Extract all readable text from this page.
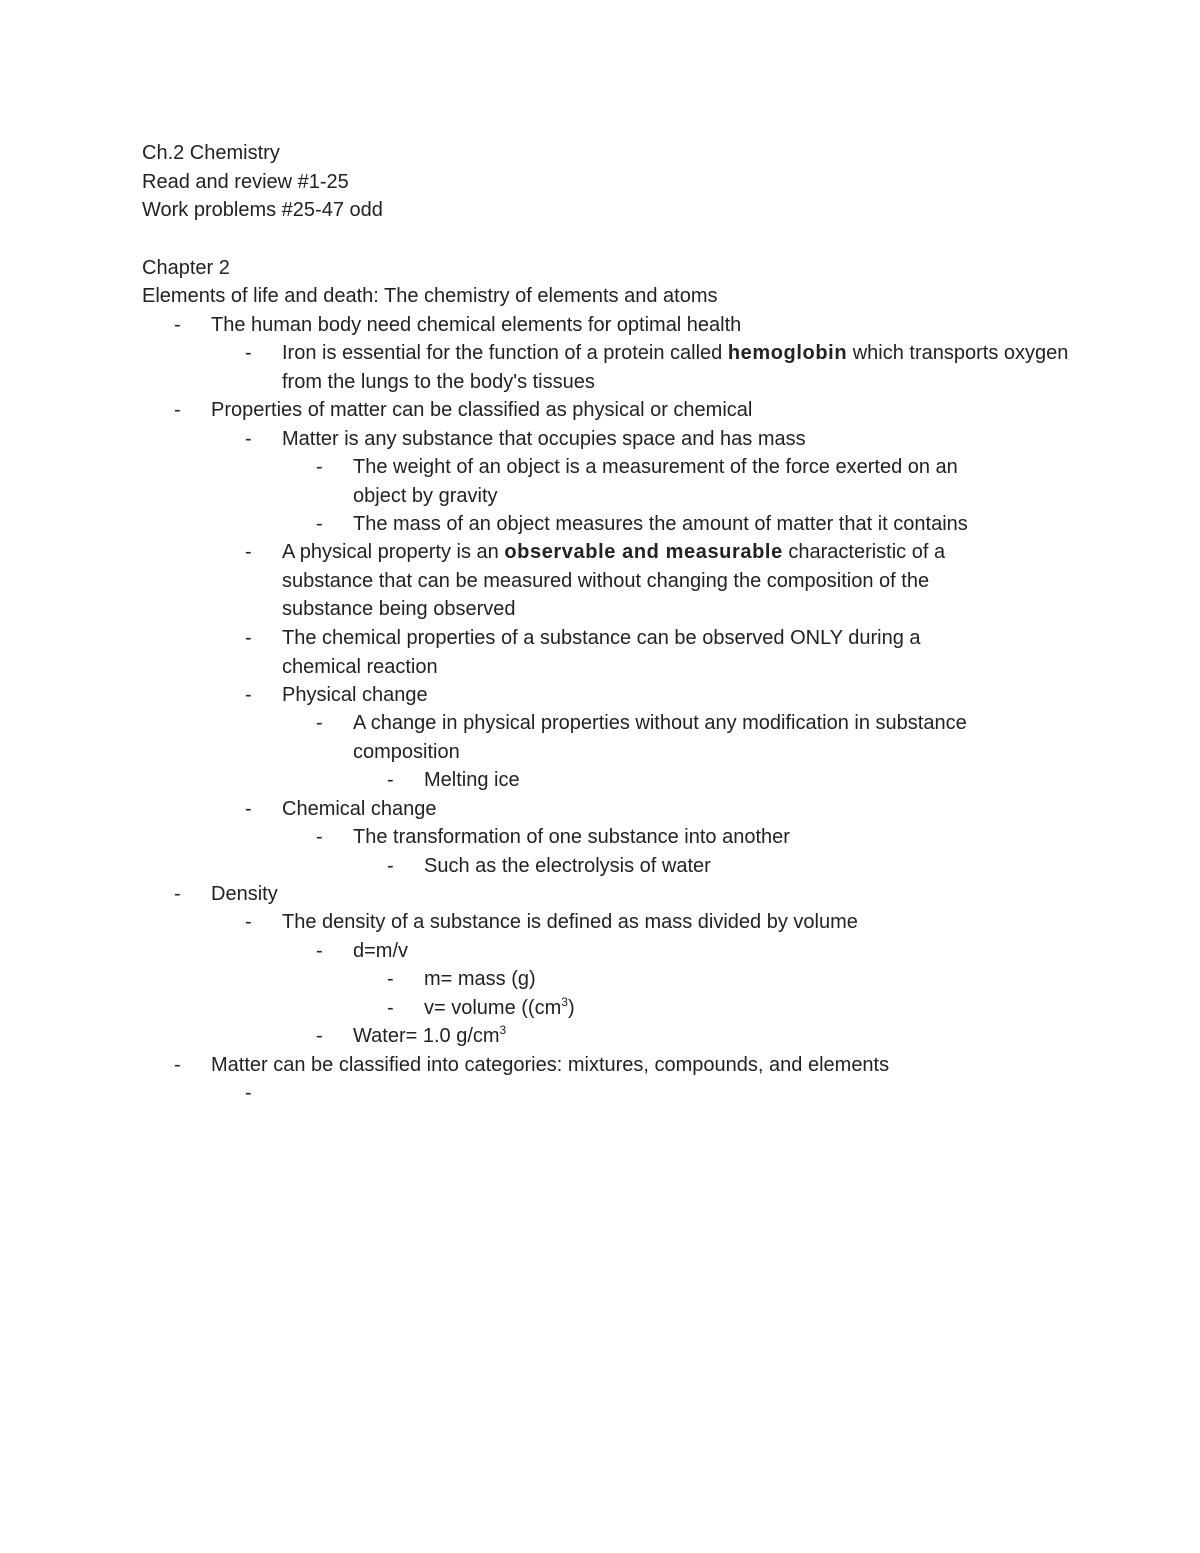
Ch.2 Chemistry
Read and review #1-25
Work problems #25-47 odd
Chapter 2
Elements of life and death: The chemistry of elements and atoms
- The human body need chemical elements for optimal health
- Iron is essential for the function of a protein called hemoglobin which transports oxygen from the lungs to the body's tissues
- Properties of matter can be classified as physical or chemical
- Matter is any substance that occupies space and has mass
- The weight of an object is a measurement of the force exerted on an object by gravity
- The mass of an object measures the amount of matter that it contains
- A physical property is an observable and measurable characteristic of a substance that can be measured without changing the composition of the substance being observed
- The chemical properties of a substance can be observed ONLY during a chemical reaction
- Physical change
- A change in physical properties without any modification in substance composition
- Melting ice
- Chemical change
- The transformation of one substance into another
- Such as the electrolysis of water
- Density
- The density of a substance is defined as mass divided by volume
- d=m/v
- m= mass (g)
- v= volume ($(cm^3)$
- Water= 1.0 $g/cm^3$
- Matter can be classified into categories: mixtures, compounds, and elements
-
